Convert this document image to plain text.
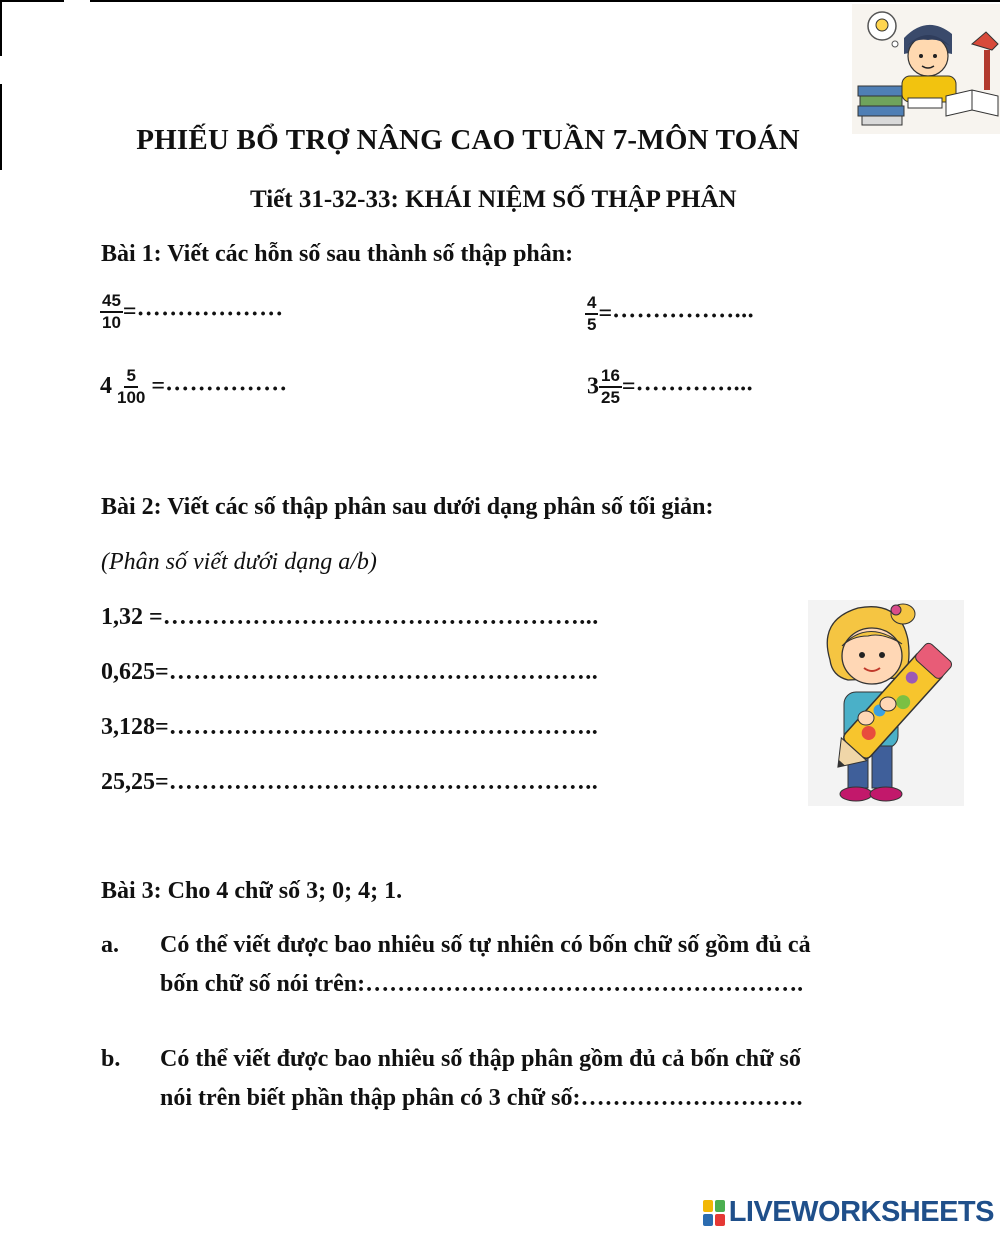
PHIẾU BỔ TRỢ NÂNG CAO TUẦN 7-MÔN TOÁN
Tiết 31-32-33: KHÁI NIỆM SỐ THẬP PHÂN
Bài 1: Viết các hỗn số sau thành số thập phân:
$\frac{45}{10}$ =………………	$\frac{4}{5}$ =……………...
$4 \frac{5}{100}$ =……………	$3 \frac{16}{25}$ =…………...
Bài 2: Viết các số thập phân sau dưới dạng phân số tối giản:
(Phân số viết dưới dạng a/b)
1,32 =……………………………………………...
0,625=……………………………………………..
3,128=……………………………………………..
25,25=……………………………………………..
Bài 3: Cho 4 chữ số 3; 0; 4; 1.
a. Có thể viết được bao nhiêu số tự nhiên có bốn chữ số gồm đủ cả
bốn chữ số nói trên:……………………………………………….
b. Có thể viết được bao nhiêu số thập phân gồm đủ cả bốn chữ số
nói trên biết phần thập phân có 3 chữ số:……………………….
LIVEWORKSHEETS
